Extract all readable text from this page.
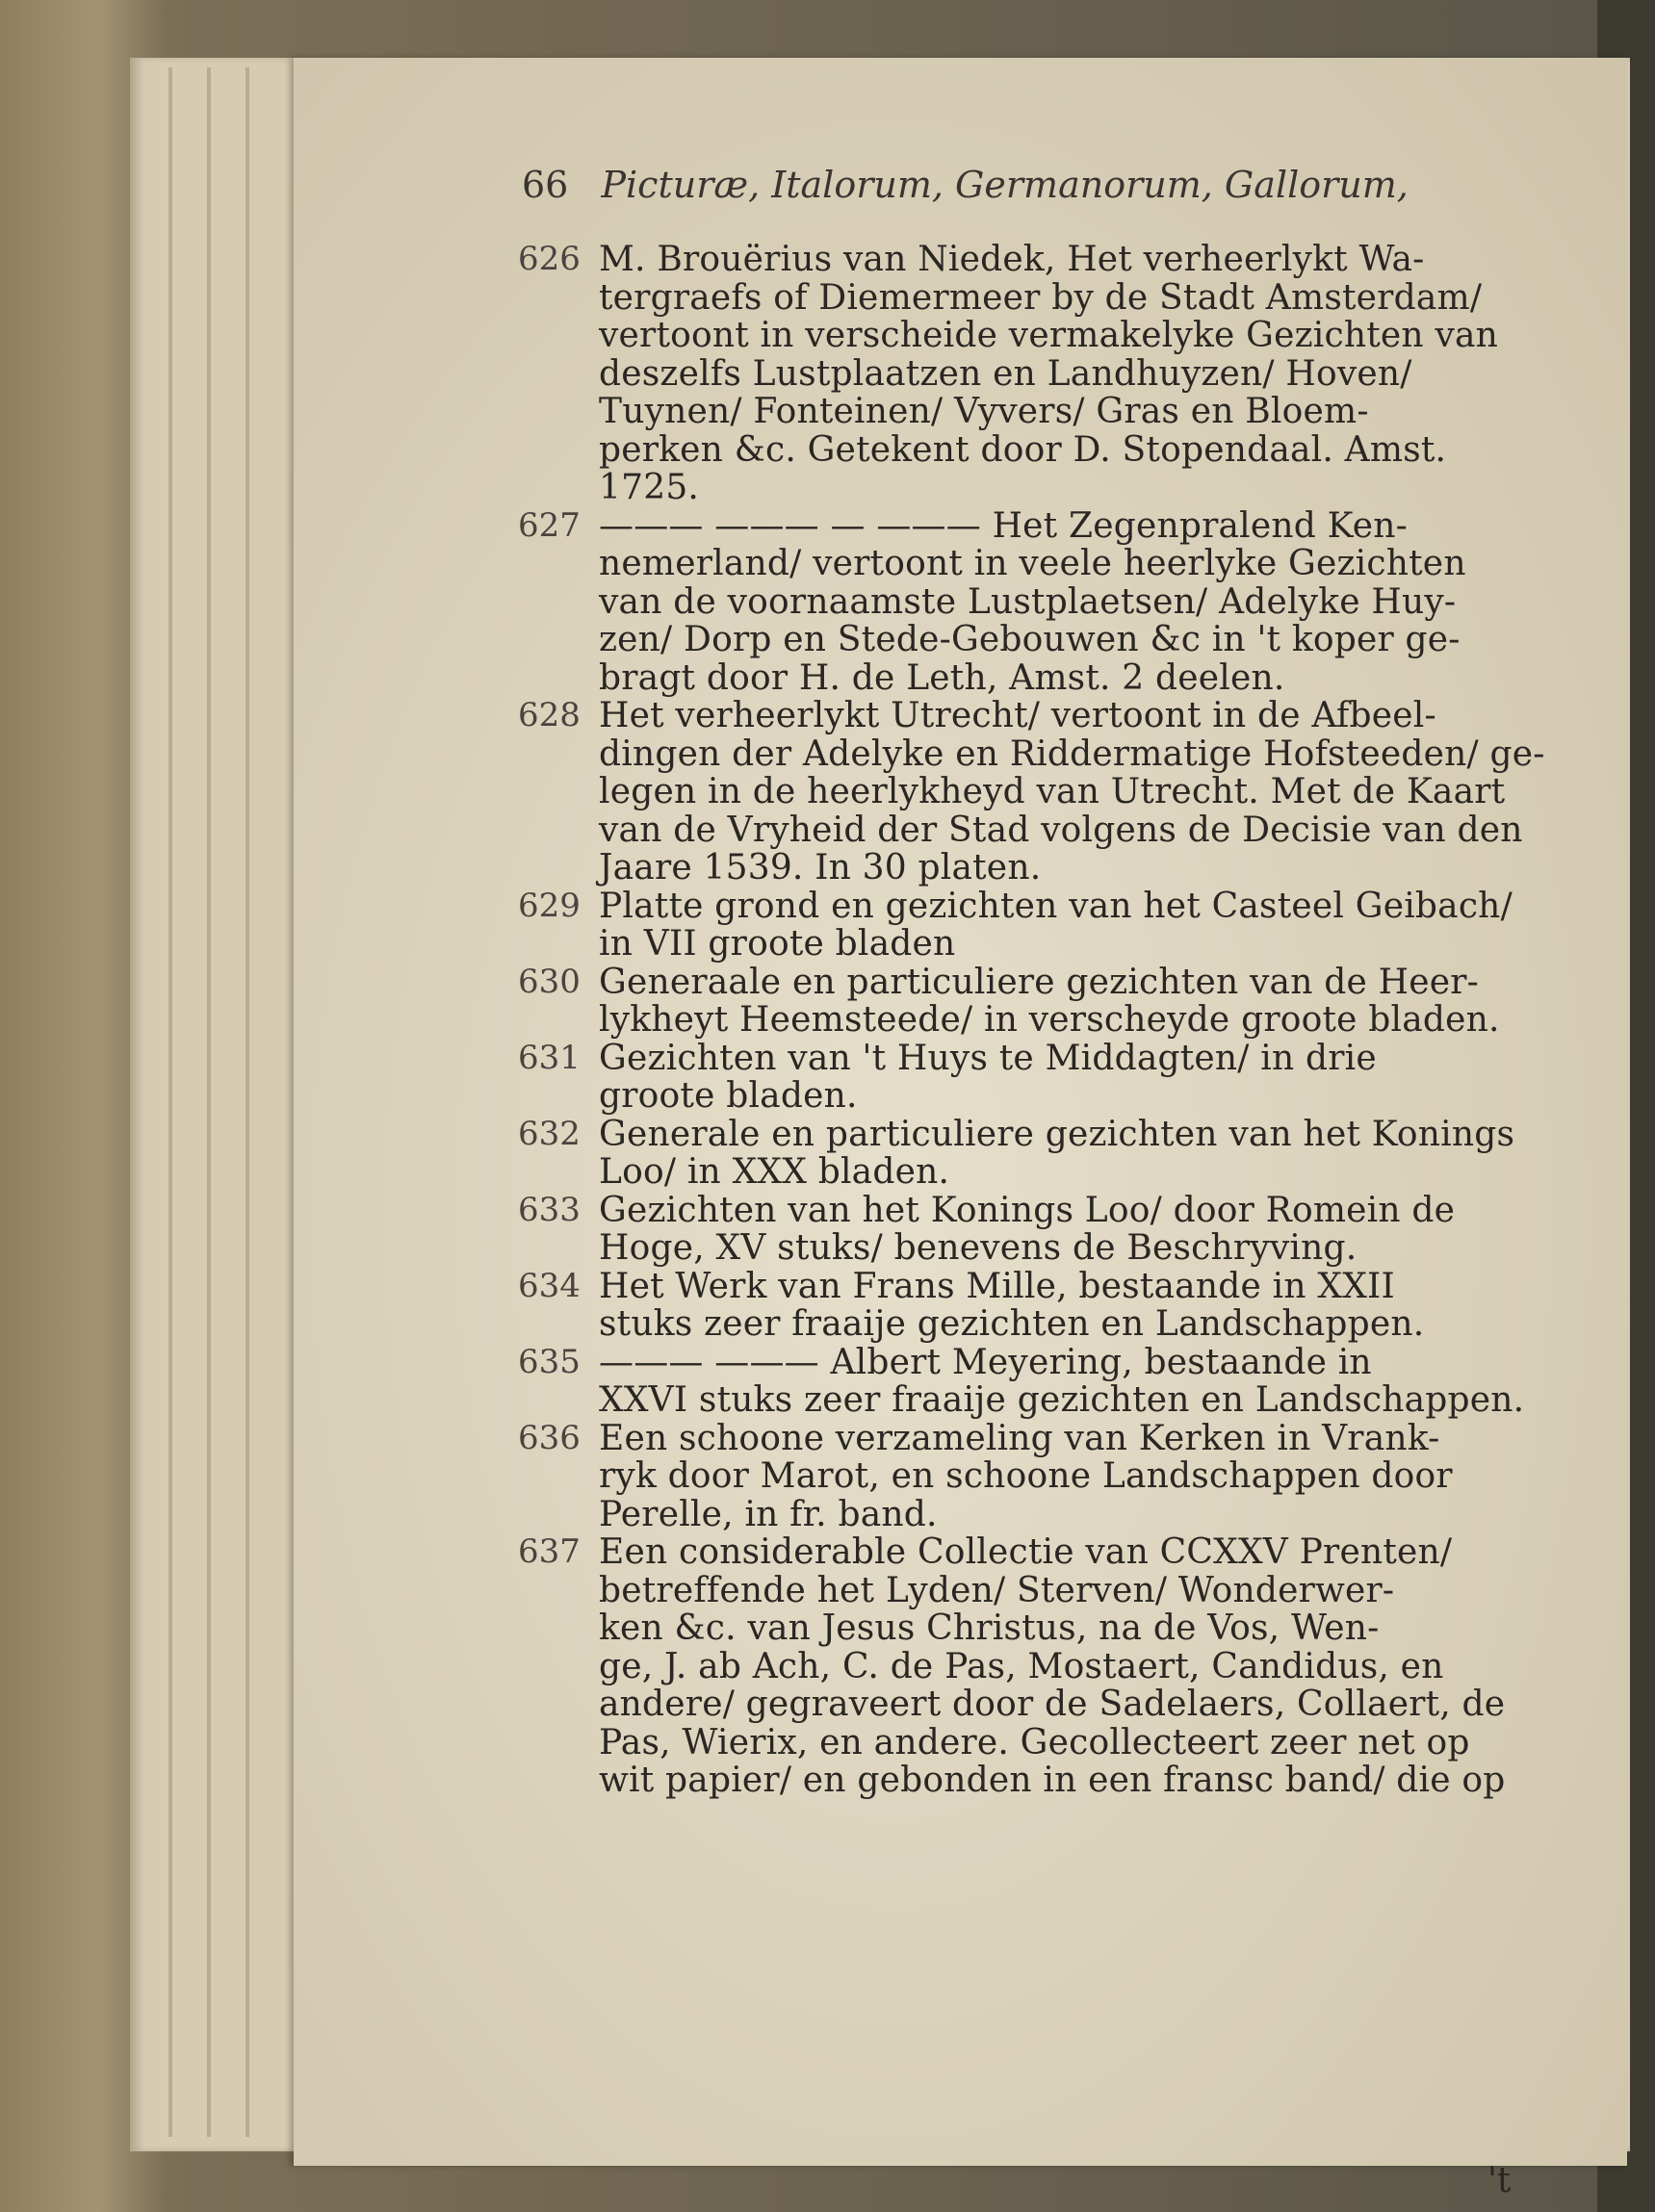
66 Picturæ, Italorum, Germanorum, Gallorum,
626 M. Brouërius van Niedek, Het verheerlykt Wa-
tergraefs of Diemermeer by de Stadt Amsterdam/
vertoont in verscheide vermakelyke Gezichten van
deszelfs Lustplaatzen en Landhuyzen/ Hoven/
Tuynen/ Fonteinen/ Vyvers/ Gras en Bloem-
perken &c. Getekent door D. Stopendaal. Amst.
1725.
627 ——— ——— — ——— Het Zegenpralend Ken-
nemerland/ vertoont in veele heerlyke Gezichten
van de voornaamste Lustplaetsen/ Adelyke Huy-
zen/ Dorp en Stede-Gebouwen &c in 't koper ge-
bragt door H. de Leth, Amst. 2 deelen.
628 Het verheerlykt Utrecht/ vertoont in de Afbeel-
dingen der Adelyke en Riddermatige Hofsteeden/ ge-
legen in de heerlykheyd van Utrecht. Met de Kaart
van de Vryheid der Stad volgens de Decisie van den
Jaare 1539. In 30 platen.
629 Platte grond en gezichten van het Casteel Geibach/
in VII groote bladen
630 Generaale en particuliere gezichten van de Heer-
lykheyt Heemsteede/ in verscheyde groote bladen.
631 Gezichten van 't Huys te Middagten/ in drie
groote bladen.
632 Generale en particuliere gezichten van het Konings
Loo/ in XXX bladen.
633 Gezichten van het Konings Loo/ door Romein de
Hoge, XV stuks/ benevens de Beschryving.
634 Het Werk van Frans Mille, bestaande in XXII
stuks zeer fraaije gezichten en Landschappen.
635 ——— ——— Albert Meyering, bestaande in
XXVI stuks zeer fraaije gezichten en Landschappen.
636 Een schoone verzameling van Kerken in Vrank-
ryk door Marot, en schoone Landschappen door
Perelle, in fr. band.
637 Een considerable Collectie van CCXXV Prenten/
betreffende het Lyden/ Sterven/ Wonderwer-
ken &c. van Jesus Christus, na de Vos, Wen-
ge, J. ab Ach, C. de Pas, Mostaert, Candidus, en
andere/ gegraveert door de Sadelaers, Collaert, de
Pas, Wierix, en andere. Gecollecteert zeer net op
wit papier/ en gebonden in een fransc band/ die op
't
